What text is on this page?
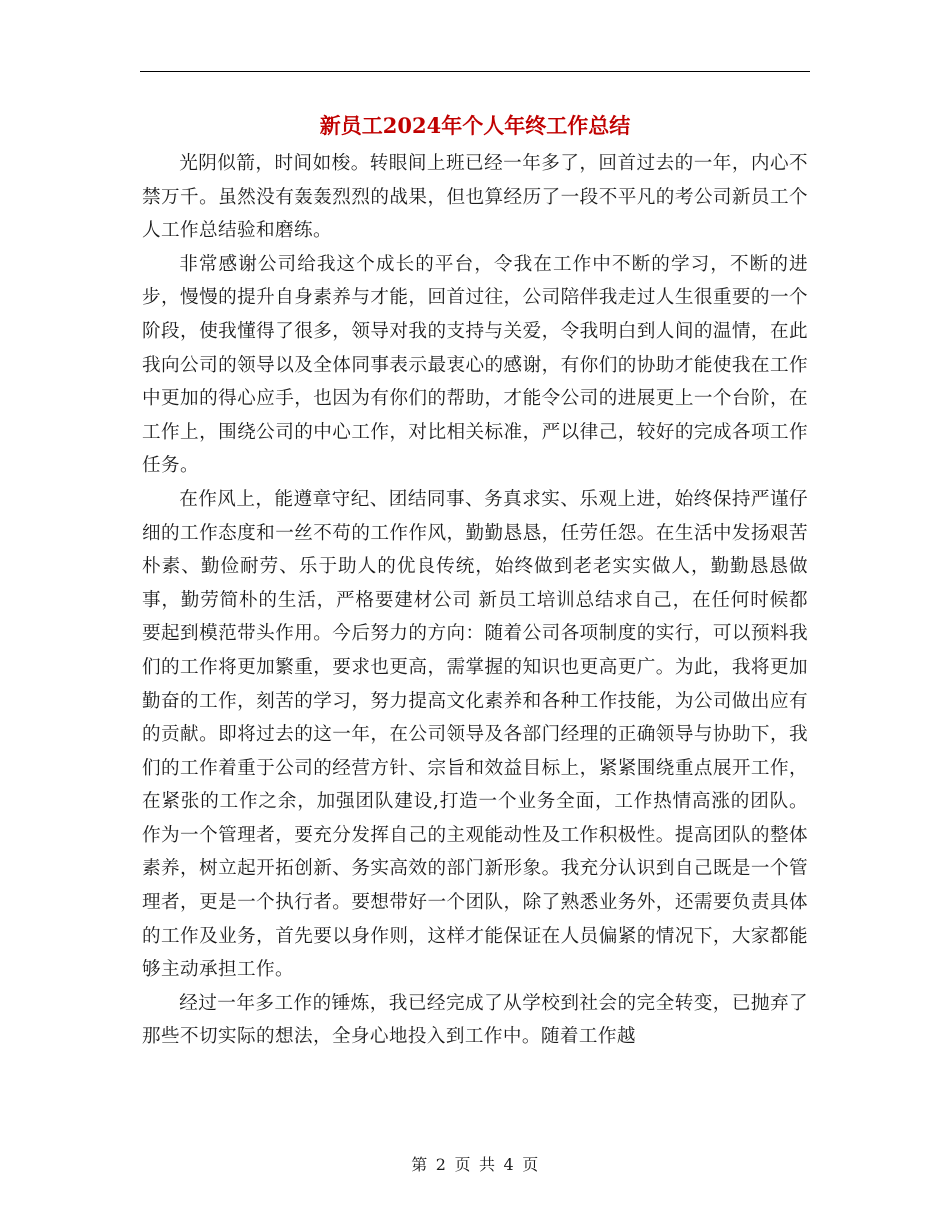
新员工2024年个人年终工作总结

光阴似箭，时间如梭。转眼间上班已经一年多了，回首过去的一年，内心不禁万千。虽然没有轰轰烈烈的战果，但也算经历了一段不平凡的考公司新员工个人工作总结验和磨练。

非常感谢公司给我这个成长的平台，令我在工作中不断的学习，不断的进步，慢慢的提升自身素养与才能，回首过往，公司陪伴我走过人生很重要的一个阶段，使我懂得了很多，领导对我的支持与关爱，令我明白到人间的温情，在此我向公司的领导以及全体同事表示最衷心的感谢，有你们的协助才能使我在工作中更加的得心应手，也因为有你们的帮助，才能令公司的进展更上一个台阶，在工作上，围绕公司的中心工作，对比相关标准，严以律己，较好的完成各项工作任务。

在作风上，能遵章守纪、团结同事、务真求实、乐观上进，始终保持严谨仔细的工作态度和一丝不苟的工作作风，勤勤恳恳，任劳任怨。在生活中发扬艰苦朴素、勤俭耐劳、乐于助人的优良传统，始终做到老老实实做人，勤勤恳恳做事，勤劳简朴的生活，严格要建材公司 新员工培训总结求自己，在任何时候都要起到模范带头作用。今后努力的方向：随着公司各项制度的实行，可以预料我们的工作将更加繁重，要求也更高，需掌握的知识也更高更广。为此，我将更加勤奋的工作，刻苦的学习，努力提高文化素养和各种工作技能，为公司做出应有的贡献。即将过去的这一年，在公司领导及各部门经理的正确领导与协助下，我们的工作着重于公司的经营方针、宗旨和效益目标上，紧紧围绕重点展开工作，在紧张的工作之余，加强团队建设,打造一个业务全面，工作热情高涨的团队。作为一个管理者，要充分发挥自己的主观能动性及工作积极性。提高团队的整体素养，树立起开拓创新、务实高效的部门新形象。我充分认识到自己既是一个管理者，更是一个执行者。要想带好一个团队，除了熟悉业务外，还需要负责具体的工作及业务，首先要以身作则，这样才能保证在人员偏紧的情况下，大家都能够主动承担工作。

经过一年多工作的锤炼，我已经完成了从学校到社会的完全转变，已抛弃了那些不切实际的想法，全身心地投入到工作中。随着工作越

第 2 页 共 4 页
